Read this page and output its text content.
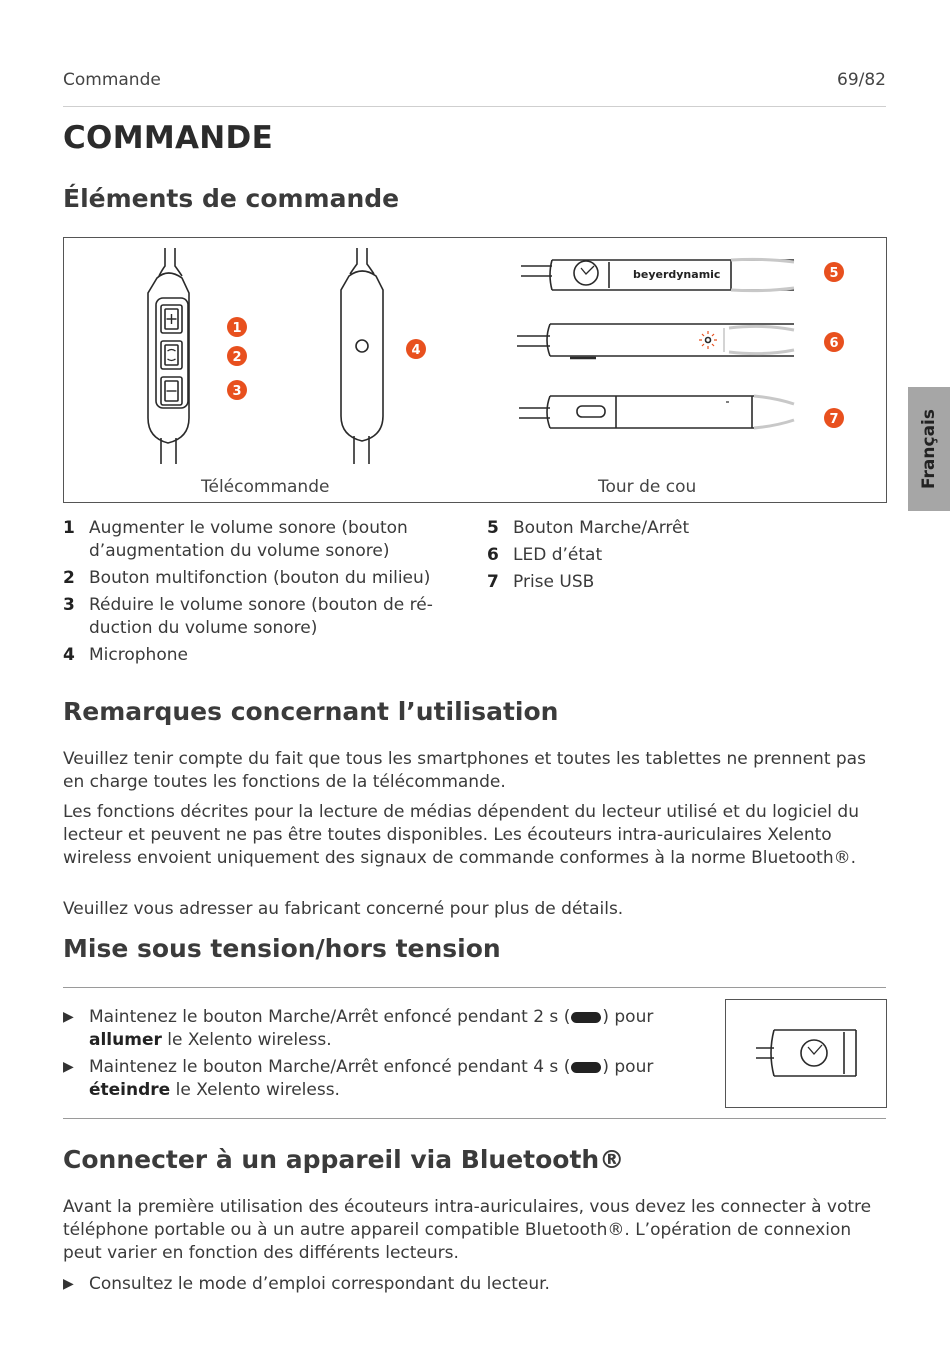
Commande	69/82
Français
COMMANDE
Éléments de commande
beyerdynamic
1
2
3
4
5
6
7
Télécommande	Tour de cou
1 Augmenter le volume sonore (bouton d’augmentation du volume sonore)
2 Bouton multifonction (bouton du milieu)
3 Réduire le volume sonore (bouton de réduction du volume sonore)
4 Microphone
5 Bouton Marche/Arrêt
6 LED d’état
7 Prise USB
Remarques concernant l’utilisation
Veuillez tenir compte du fait que tous les smartphones et toutes les tablettes ne prennent pas en charge toutes les fonctions de la télécommande.
Les fonctions décrites pour la lecture de médias dépendent du lecteur utilisé et du logiciel du lecteur et peuvent ne pas être toutes disponibles. Les écouteurs intra-auriculaires Xelento wireless envoient uniquement des signaux de commande conformes à la norme Bluetooth®.
Veuillez vous adresser au fabricant concerné pour plus de détails.
Mise sous tension/hors tension
▶ Maintenez le bouton Marche/Arrêt enfoncé pendant 2 s ( ) pour
allumer le Xelento wireless.
▶ Maintenez le bouton Marche/Arrêt enfoncé pendant 4 s ( ) pour
éteindre le Xelento wireless.
Connecter à un appareil via Bluetooth®
Avant la première utilisation des écouteurs intra-auriculaires, vous devez les connecter à votre téléphone portable ou à un autre appareil compatible Bluetooth®. L’opération de connexion peut varier en fonction des différents lecteurs.
▶ Consultez le mode d’emploi correspondant du lecteur.
